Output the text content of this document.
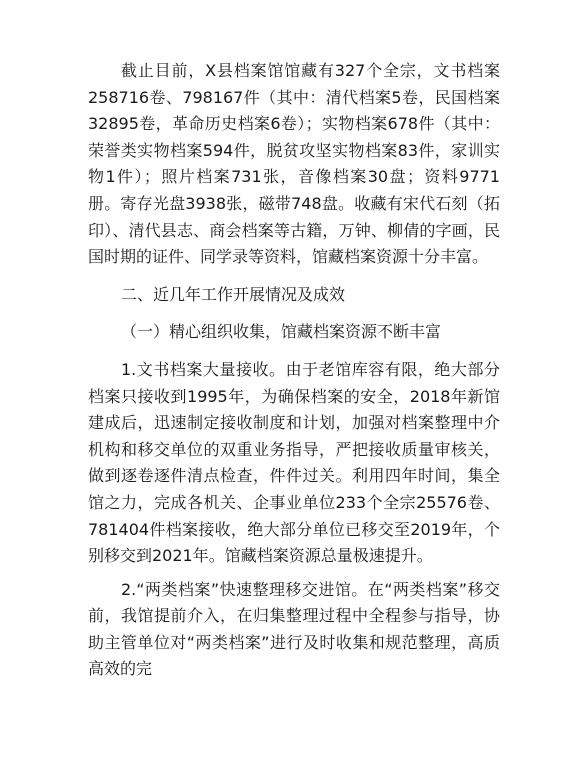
截止目前，X县档案馆馆藏有327个全宗，文书档案258716卷、798167件（其中：清代档案5卷，民国档案32895卷，革命历史档案6卷）；实物档案678件（其中：荣誉类实物档案594件，脱贫攻坚实物档案83件，家训实物1件）；照片档案731张，音像档案30盘；资料9771册。寄存光盘3938张，磁带748盘。收藏有宋代石刻（拓印）、清代县志、商会档案等古籍，万钟、柳倩的字画，民国时期的证件、同学录等资料，馆藏档案资源十分丰富。

二、近几年工作开展情况及成效

（一）精心组织收集，馆藏档案资源不断丰富

1.文书档案大量接收。由于老馆库容有限，绝大部分档案只接收到1995年，为确保档案的安全，2018年新馆建成后，迅速制定接收制度和计划，加强对档案整理中介机构和移交单位的双重业务指导，严把接收质量审核关，做到逐卷逐件清点检查，件件过关。利用四年时间，集全馆之力，完成各机关、企事业单位233个全宗25576卷、781404件档案接收，绝大部分单位已移交至2019年，个别移交到2021年。馆藏档案资源总量极速提升。

2.“两类档案”快速整理移交进馆。在“两类档案”移交前，我馆提前介入，在归集整理过程中全程参与指导，协助主管单位对“两类档案”进行及时收集和规范整理，高质高效的完
